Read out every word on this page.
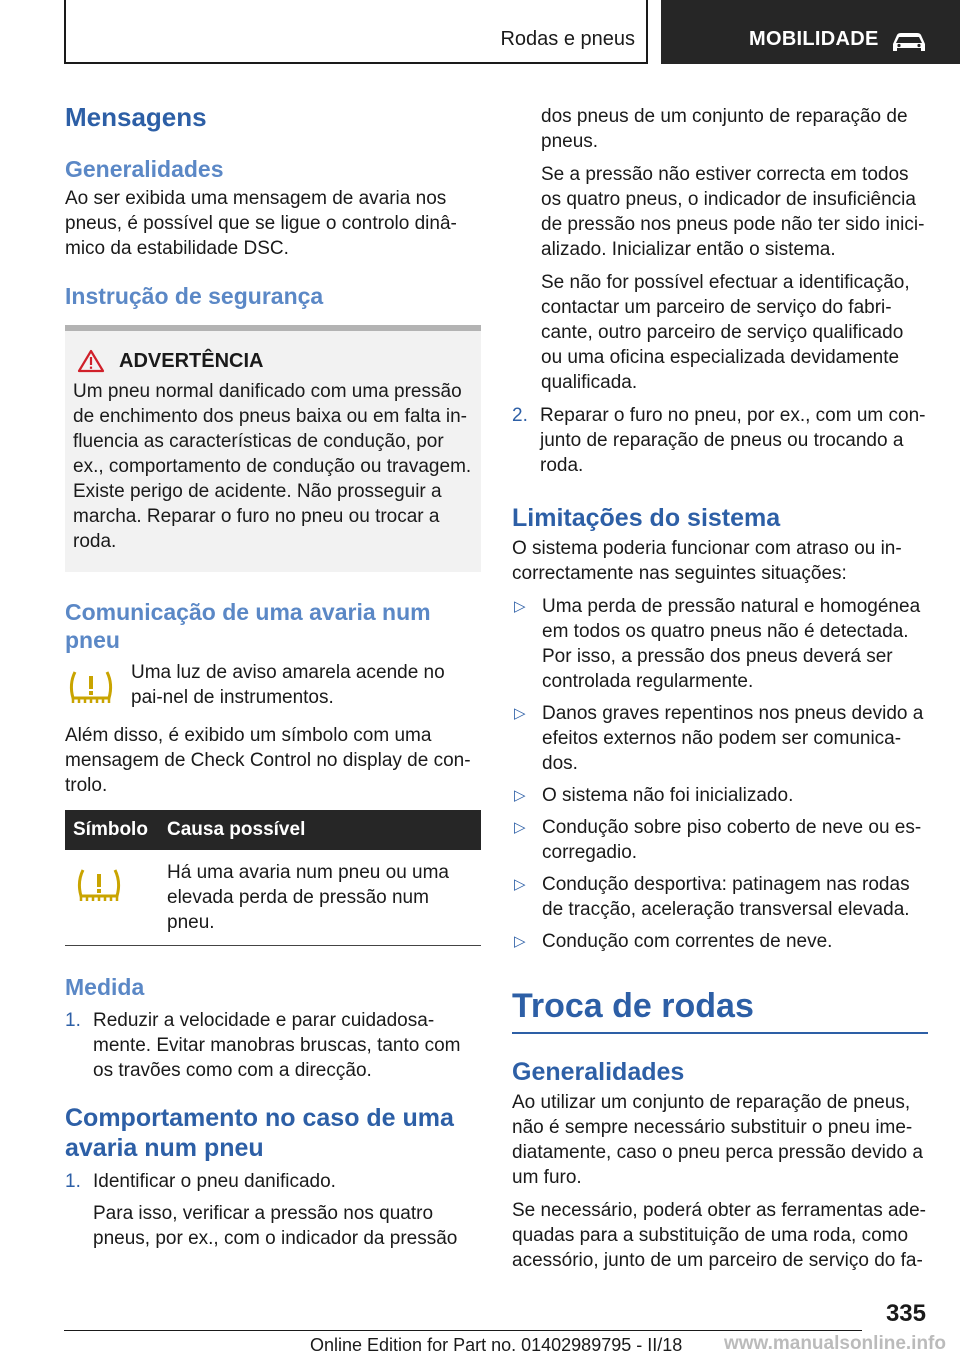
Rodas e pneus	MOBILIDADE
Mensagens
Generalidades

Ao ser exibida uma mensagem de avaria nos pneus, é possível que se ligue o controlo dinâ-mico da estabilidade DSC.

Instrução de segurança
ADVERTÊNCIA

Um pneu normal danificado com uma pressão de enchimento dos pneus baixa ou em falta in-fluencia as características de condução, por ex., comportamento de condução ou travagem. Existe perigo de acidente. Não prosseguir a marcha. Reparar o furo no pneu ou trocar a roda.

Comunicação de uma avaria num pneu

Uma luz de aviso amarela acende no pai-nel de instrumentos.

Além disso, é exibido um símbolo com uma mensagem de Check Control no display de con-trolo.

Símbolo	Causa possível
	Há uma avaria num pneu ou uma elevada perda de pressão num pneu.
Medida
1. Reduzir a velocidade e parar cuidadosa-mente. Evitar manobras bruscas, tanto com os travões como com a direcção.
Comportamento no caso de uma avaria num pneu
1. Identificar o pneu danificado.
Para isso, verificar a pressão nos quatro pneus, por ex., com o indicador da pressão

dos pneus de um conjunto de reparação de pneus.

Se a pressão não estiver correcta em todos os quatro pneus, o indicador de insuficiência de pressão nos pneus pode não ter sido inici-alizado. Inicializar então o sistema.

Se não for possível efectuar a identificação, contactar um parceiro de serviço do fabri-cante, outro parceiro de serviço qualificado ou uma oficina especializada devidamente qualificada.

2. Reparar o furo no pneu, por ex., com um con-junto de reparação de pneus ou trocando a roda.
Limitações do sistema

O sistema poderia funcionar com atraso ou in-correctamente nas seguintes situações:

▷ Uma perda de pressão natural e homogénea em todos os quatro pneus não é detectada. Por isso, a pressão dos pneus deverá ser controlada regularmente.
▷ Danos graves repentinos nos pneus devido a efeitos externos não podem ser comunica-dos.
▷ O sistema não foi inicializado.
▷ Condução sobre piso coberto de neve ou es-corregadio.
▷ Condução desportiva: patinagem nas rodas de tracção, aceleração transversal elevada.
▷ Condução com correntes de neve.
Troca de rodas
Generalidades

Ao utilizar um conjunto de reparação de pneus, não é sempre necessário substituir o pneu ime-diatamente, caso o pneu perca pressão devido a um furo.

Se necessário, poderá obter as ferramentas ade-quadas para a substituição de uma roda, como acessório, junto de um parceiro de serviço do fa-

335
Online Edition for Part no. 01402989795 - II/18 www.manualsonline.info
